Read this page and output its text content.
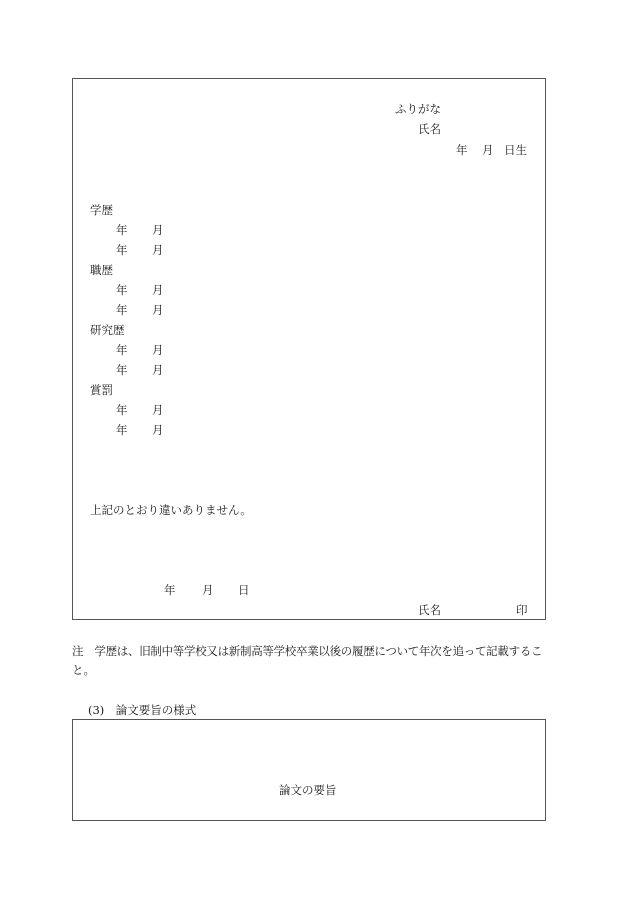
ふりがな
氏名
年 月 日生
学歴
年 月
年 月
職歴
年 月
年 月
研究歴
年 月
年 月
賞罰
年 月
年 月
上記のとおり違いありません。
年 月 日
氏名	印
注　学歴は、旧制中等学校又は新制高等学校卒業以後の履歴について年次を追って記載するこ
と。
(3)　論文要旨の様式
論文の要旨
